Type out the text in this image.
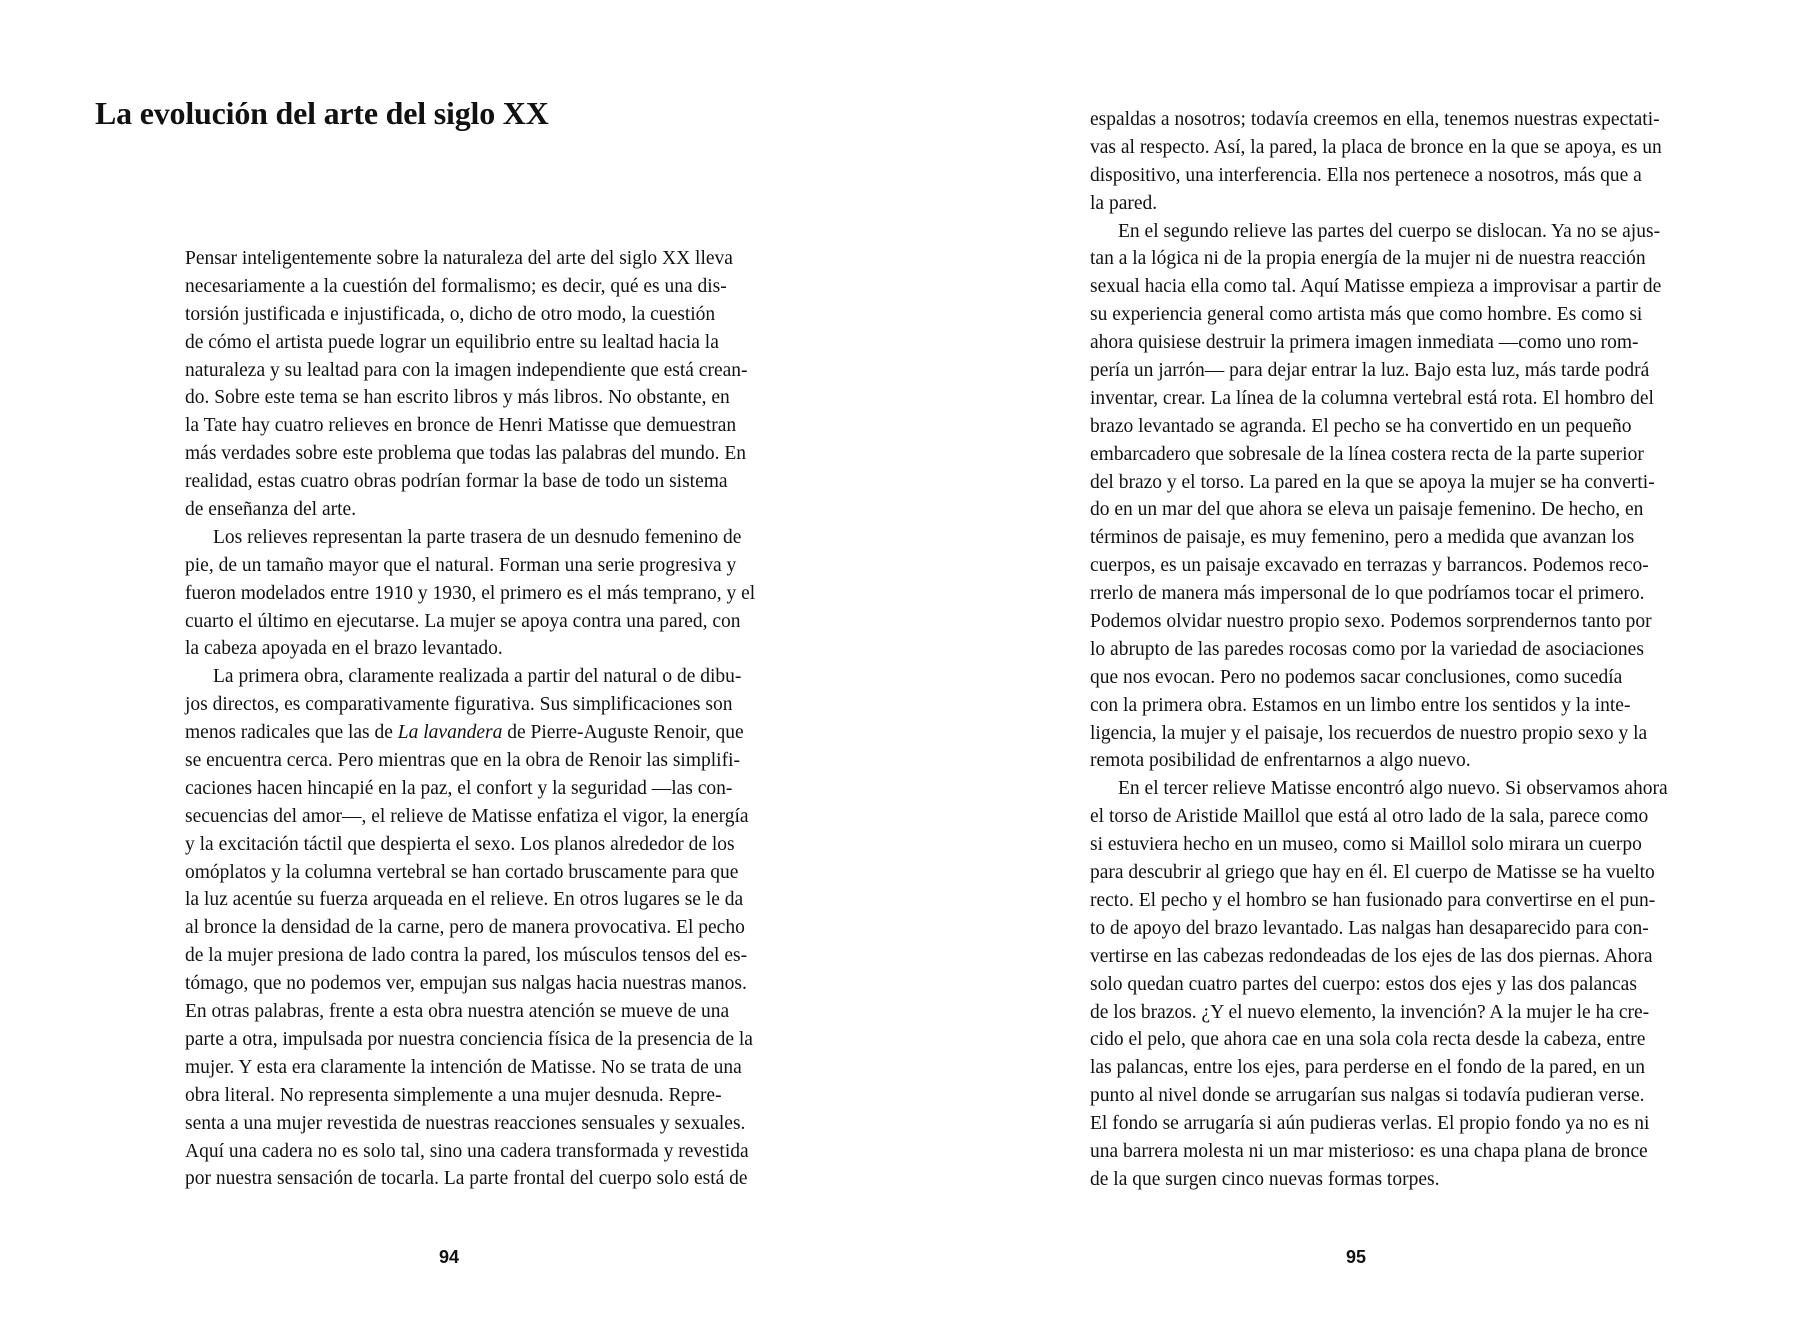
La evolución del arte del siglo XX
Pensar inteligentemente sobre la naturaleza del arte del siglo XX lleva
necesariamente a la cuestión del formalismo; es decir, qué es una dis-
torsión justificada e injustificada, o, dicho de otro modo, la cuestión
de cómo el artista puede lograr un equilibrio entre su lealtad hacia la
naturaleza y su lealtad para con la imagen independiente que está crean-
do. Sobre este tema se han escrito libros y más libros. No obstante, en
la Tate hay cuatro relieves en bronce de Henri Matisse que demuestran
más verdades sobre este problema que todas las palabras del mundo. En
realidad, estas cuatro obras podrían formar la base de todo un sistema
de enseñanza del arte.
Los relieves representan la parte trasera de un desnudo femenino de
pie, de un tamaño mayor que el natural. Forman una serie progresiva y
fueron modelados entre 1910 y 1930, el primero es el más temprano, y el
cuarto el último en ejecutarse. La mujer se apoya contra una pared, con
la cabeza apoyada en el brazo levantado.
La primera obra, claramente realizada a partir del natural o de dibu-
jos directos, es comparativamente figurativa. Sus simplificaciones son
menos radicales que las de La lavandera de Pierre-Auguste Renoir, que
se encuentra cerca. Pero mientras que en la obra de Renoir las simplifi-
caciones hacen hincapié en la paz, el confort y la seguridad —las con-
secuencias del amor—, el relieve de Matisse enfatiza el vigor, la energía
y la excitación táctil que despierta el sexo. Los planos alrededor de los
omóplatos y la columna vertebral se han cortado bruscamente para que
la luz acentúe su fuerza arqueada en el relieve. En otros lugares se le da
al bronce la densidad de la carne, pero de manera provocativa. El pecho
de la mujer presiona de lado contra la pared, los músculos tensos del es-
tómago, que no podemos ver, empujan sus nalgas hacia nuestras manos.
En otras palabras, frente a esta obra nuestra atención se mueve de una
parte a otra, impulsada por nuestra conciencia física de la presencia de la
mujer. Y esta era claramente la intención de Matisse. No se trata de una
obra literal. No representa simplemente a una mujer desnuda. Repre-
senta a una mujer revestida de nuestras reacciones sensuales y sexuales.
Aquí una cadera no es solo tal, sino una cadera transformada y revestida
por nuestra sensación de tocarla. La parte frontal del cuerpo solo está de
94
espaldas a nosotros; todavía creemos en ella, tenemos nuestras expectati-
vas al respecto. Así, la pared, la placa de bronce en la que se apoya, es un
dispositivo, una interferencia. Ella nos pertenece a nosotros, más que a
la pared.
En el segundo relieve las partes del cuerpo se dislocan. Ya no se ajus-
tan a la lógica ni de la propia energía de la mujer ni de nuestra reacción
sexual hacia ella como tal. Aquí Matisse empieza a improvisar a partir de
su experiencia general como artista más que como hombre. Es como si
ahora quisiese destruir la primera imagen inmediata —como uno rom-
pería un jarrón— para dejar entrar la luz. Bajo esta luz, más tarde podrá
inventar, crear. La línea de la columna vertebral está rota. El hombro del
brazo levantado se agranda. El pecho se ha convertido en un pequeño
embarcadero que sobresale de la línea costera recta de la parte superior
del brazo y el torso. La pared en la que se apoya la mujer se ha converti-
do en un mar del que ahora se eleva un paisaje femenino. De hecho, en
términos de paisaje, es muy femenino, pero a medida que avanzan los
cuerpos, es un paisaje excavado en terrazas y barrancos. Podemos reco-
rrerlo de manera más impersonal de lo que podríamos tocar el primero.
Podemos olvidar nuestro propio sexo. Podemos sorprendernos tanto por
lo abrupto de las paredes rocosas como por la variedad de asociaciones
que nos evocan. Pero no podemos sacar conclusiones, como sucedía
con la primera obra. Estamos en un limbo entre los sentidos y la inte-
ligencia, la mujer y el paisaje, los recuerdos de nuestro propio sexo y la
remota posibilidad de enfrentarnos a algo nuevo.
En el tercer relieve Matisse encontró algo nuevo. Si observamos ahora
el torso de Aristide Maillol que está al otro lado de la sala, parece como
si estuviera hecho en un museo, como si Maillol solo mirara un cuerpo
para descubrir al griego que hay en él. El cuerpo de Matisse se ha vuelto
recto. El pecho y el hombro se han fusionado para convertirse en el pun-
to de apoyo del brazo levantado. Las nalgas han desaparecido para con-
vertirse en las cabezas redondeadas de los ejes de las dos piernas. Ahora
solo quedan cuatro partes del cuerpo: estos dos ejes y las dos palancas
de los brazos. ¿Y el nuevo elemento, la invención? A la mujer le ha cre-
cido el pelo, que ahora cae en una sola cola recta desde la cabeza, entre
las palancas, entre los ejes, para perderse en el fondo de la pared, en un
punto al nivel donde se arrugarían sus nalgas si todavía pudieran verse.
El fondo se arrugaría si aún pudieras verlas. El propio fondo ya no es ni
una barrera molesta ni un mar misterioso: es una chapa plana de bronce
de la que surgen cinco nuevas formas torpes.
95
